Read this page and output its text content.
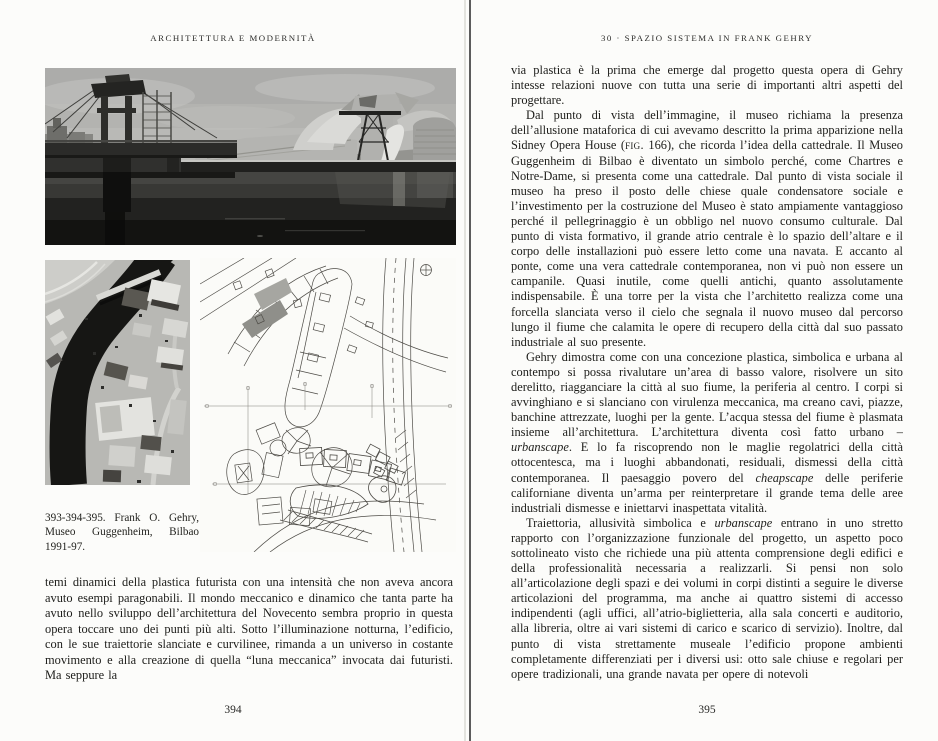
ARCHITETTURA E MODERNITÀ

393-394-395. Frank O. Gehry, Museo Guggenheim, Bilbao 1991-97.

temi dinamici della plastica futurista con una intensità che non aveva ancora avuto esempi paragonabili. Il mondo meccanico e dinamico che tanta parte ha avuto nello sviluppo dell’architettura del Novecento sembra proprio in questa opera toccare uno dei punti più alti. Sotto l’illuminazione notturna, l’edificio, con le sue traiettorie slanciate e curvilinee, rimanda a un universo in costante movimento e alla creazione di quella “luna meccanica” invocata dai futuristi. Ma seppure la

394
30 · SPAZIO SISTEMA IN FRANK GEHRY

via plastica è la prima che emerge dal progetto questa opera di Gehry intesse relazioni nuove con tutta una serie di importanti altri aspetti del progettare.

Dal punto di vista dell’immagine, il museo richiama la presenza dell’allusione mataforica di cui avevamo descritto la prima apparizione nella Sidney Opera House (fig. 166), che ricorda l’idea della cattedrale. Il Museo Guggenheim di Bilbao è diventato un simbolo perché, come Chartres e Notre-Dame, si presenta come una cattedrale. Dal punto di vista sociale il museo ha preso il posto delle chiese quale condensatore sociale e l’investimento per la costruzione del Museo è stato ampiamente vantaggioso perché il pellegrinaggio è un obbligo nel nuovo consumo culturale. Dal punto di vista formativo, il grande atrio centrale è lo spazio dell’altare e il corpo delle installazioni può essere letto come una navata. E accanto al ponte, come una vera cattedrale contemporanea, non vi può non essere un campanile. Quasi inutile, come quelli antichi, quanto assolutamente indispensabile. È una torre per la vista che l’architetto realizza come una forcella slanciata verso il cielo che segnala il nuovo museo dal percorso lungo il fiume che calamita le opere di recupero della città dal suo passato industriale al suo presente.

Gehry dimostra come con una concezione plastica, simbolica e urbana al contempo si possa rivalutare un’area di basso valore, risolvere un sito derelitto, riagganciare la città al suo fiume, la periferia al centro. I corpi si avvinghiano e si slanciano con virulenza meccanica, ma creano cavi, piazze, banchine attrezzate, luoghi per la gente. L’acqua stessa del fiume è plasmata insieme all’architettura. L’architettura diventa così fatto urbano – urbanscape. E lo fa riscoprendo non le maglie regolatrici della città ottocentesca, ma i luoghi abbandonati, residuali, dismessi della città contemporanea. Il paesaggio povero del cheapscape delle periferie californiane diventa un’arma per reinterpretare il grande tema delle aree industriali dismesse e iniettarvi inaspettata vitalità.

Traiettoria, allusività simbolica e urbanscape entrano in uno stretto rapporto con l’organizzazione funzionale del progetto, un aspetto poco sottolineato visto che richiede una più attenta comprensione degli edifici e della professionalità necessaria a realizzarli. Si pensi non solo all’articolazione degli spazi e dei volumi in corpi distinti a seguire le diverse articolazioni del programma, ma anche ai quattro sistemi di accesso indipendenti (agli uffici, all’atrio-biglietteria, alla sala concerti e auditorio, alla libreria, oltre ai vari sistemi di carico e scarico di servizio). Inoltre, dal punto di vista strettamente museale l’edificio propone ambienti completamente differenziati per i diversi usi: otto sale chiuse e regolari per opere tradizionali, una grande navata per opere di notevoli

395
